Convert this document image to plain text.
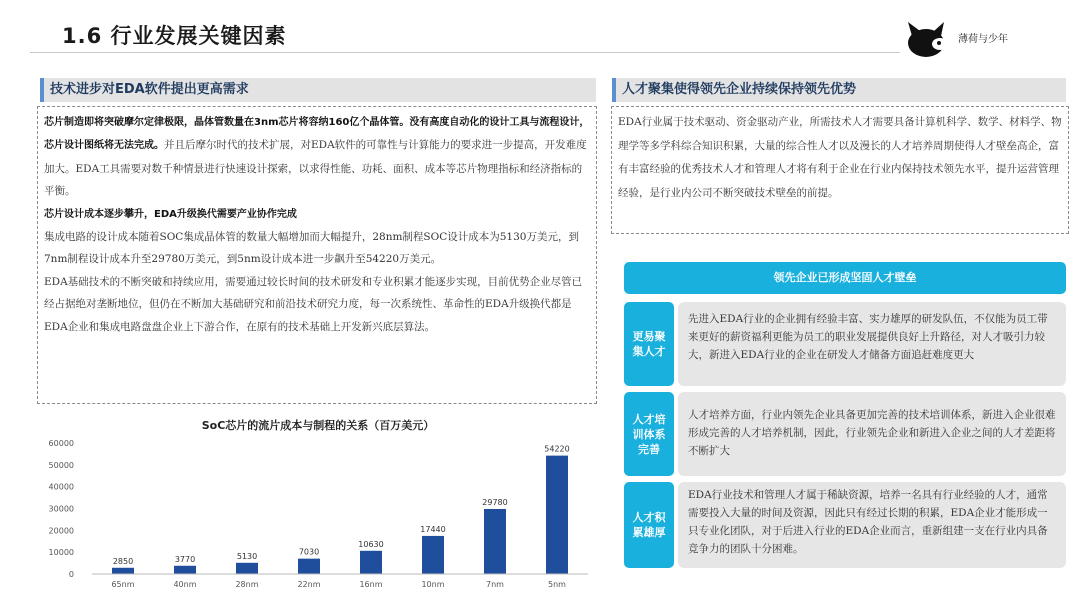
1.6 行业发展关键因素	薄荷与少年
技术进步对EDA软件提出更高需求
芯片制造即将突破摩尔定律极限，晶体管数量在3nm芯片将容纳160亿个晶体管。没有高度自动化的设计工具与流程设计，芯片设计图纸将无法完成。并且后摩尔时代的技术扩展，对EDA软件的可靠性与计算能力的要求进一步提高，开发难度加大。EDA工具需要对数千种情景进行快速设计探索，以求得性能、功耗、面积、成本等芯片物理指标和经济指标的平衡。
芯片设计成本逐步攀升，EDA升级换代需要产业协作完成
集成电路的设计成本随着SOC集成晶体管的数量大幅增加而大幅提升，28nm制程SOC设计成本为5130万美元，到7nm制程设计成本升至29780万美元，到5nm设计成本进一步飙升至54220万美元。
EDA基础技术的不断突破和持续应用，需要通过较长时间的技术研发和专业积累才能逐步实现，目前优势企业尽管已经占据绝对垄断地位，但仍在不断加大基础研究和前沿技术研究力度，每一次系统性、革命性的EDA升级换代都是EDA企业和集成电路盘盘企业上下游合作，在原有的技术基础上开发新兴底层算法。
SoC芯片的流片成本与制程的关系（百万美元）
0
10000
20000
30000
40000
50000
60000
2850
65nm
3770
40nm
5130
28nm
7030
22nm
10630
16nm
17440
10nm
29780
7nm
54220
5nm
人才聚集使得领先企业持续保持领先优势
EDA行业属于技术驱动、资金驱动产业，所需技术人才需要具备计算机科学、数学、材料学、物理学等多学科综合知识积累，大量的综合性人才以及漫长的人才培养周期使得人才壁垒高企，富有丰富经验的优秀技术人才和管理人才将有利于企业在行业内保持技术领先水平，提升运营管理经验，是行业内公司不断突破技术壁垒的前提。
领先企业已形成坚固人才壁垒
更易聚集人才
先进入EDA行业的企业拥有经验丰富、实力雄厚的研发队伍，不仅能为员工带来更好的薪资福利更能为员工的职业发展提供良好上升路径，对人才吸引力较大，新进入EDA行业的企业在研发人才储备方面追赶难度更大
人才培训体系完善
人才培养方面，行业内领先企业具备更加完善的技术培训体系，新进入企业很难形成完善的人才培养机制，因此，行业领先企业和新进入企业之间的人才差距将不断扩大
人才积累雄厚
EDA行业技术和管理人才属于稀缺资源，培养一名具有行业经验的人才，通常需要投入大量的时间及资源，因此只有经过长期的积累，EDA企业才能形成一只专业化团队，对于后进入行业的EDA企业而言，重新组建一支在行业内具备竞争力的团队十分困难。
